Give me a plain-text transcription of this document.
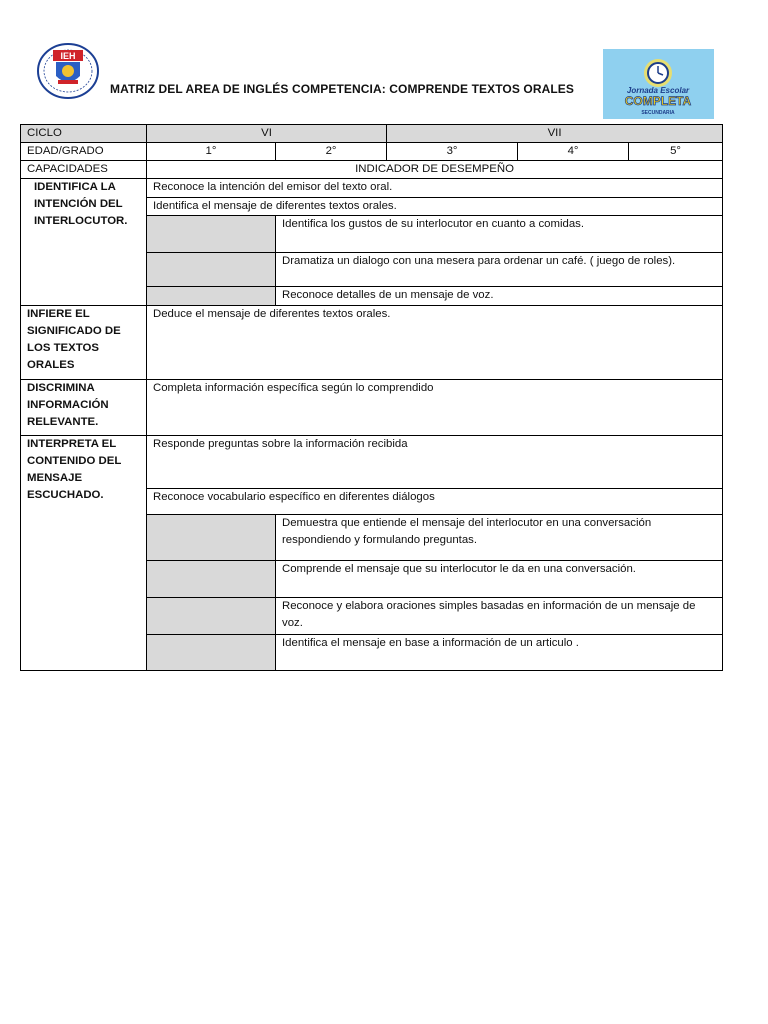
IEH
MATRIZ DEL AREA DE INGLÉS COMPETENCIA: COMPRENDE TEXTOS ORALES	Jornada Escolar
COMPLETA
SECUNDARIA
CICLO	VI		VII		
EDAD/GRADO	1°	2°	3°	4°	5°
CAPACIDADES	INDICADOR DE DESEMPEÑO				
IDENTIFICA LA INTENCIÓN DEL INTERLOCUTOR.	Reconoce la intención del emisor del texto oral.				
	Identifica el mensaje de diferentes textos orales.				
		Identifica los gustos de su interlocutor en cuanto a comidas.			
		Dramatiza un dialogo con una mesera para ordenar un café. ( juego de roles).			
		Reconoce detalles de un mensaje de voz.			
INFIERE EL SIGNIFICADO DE LOS TEXTOS ORALES	Deduce el mensaje de diferentes textos orales.				
DISCRIMINA INFORMACIÓN RELEVANTE.	Completa información específica según lo comprendido				
INTERPRETA EL CONTENIDO DEL MENSAJE ESCUCHADO.	Responde preguntas sobre la información recibida				
	Reconoce vocabulario específico en diferentes diálogos				
		Demuestra que entiende el mensaje del interlocutor en una conversación respondiendo y formulando preguntas.			
		Comprende el mensaje que su interlocutor le da en una conversación.			
		Reconoce y elabora oraciones simples basadas en información de un mensaje de voz.			
		Identifica el mensaje en base a información de un articulo .			
